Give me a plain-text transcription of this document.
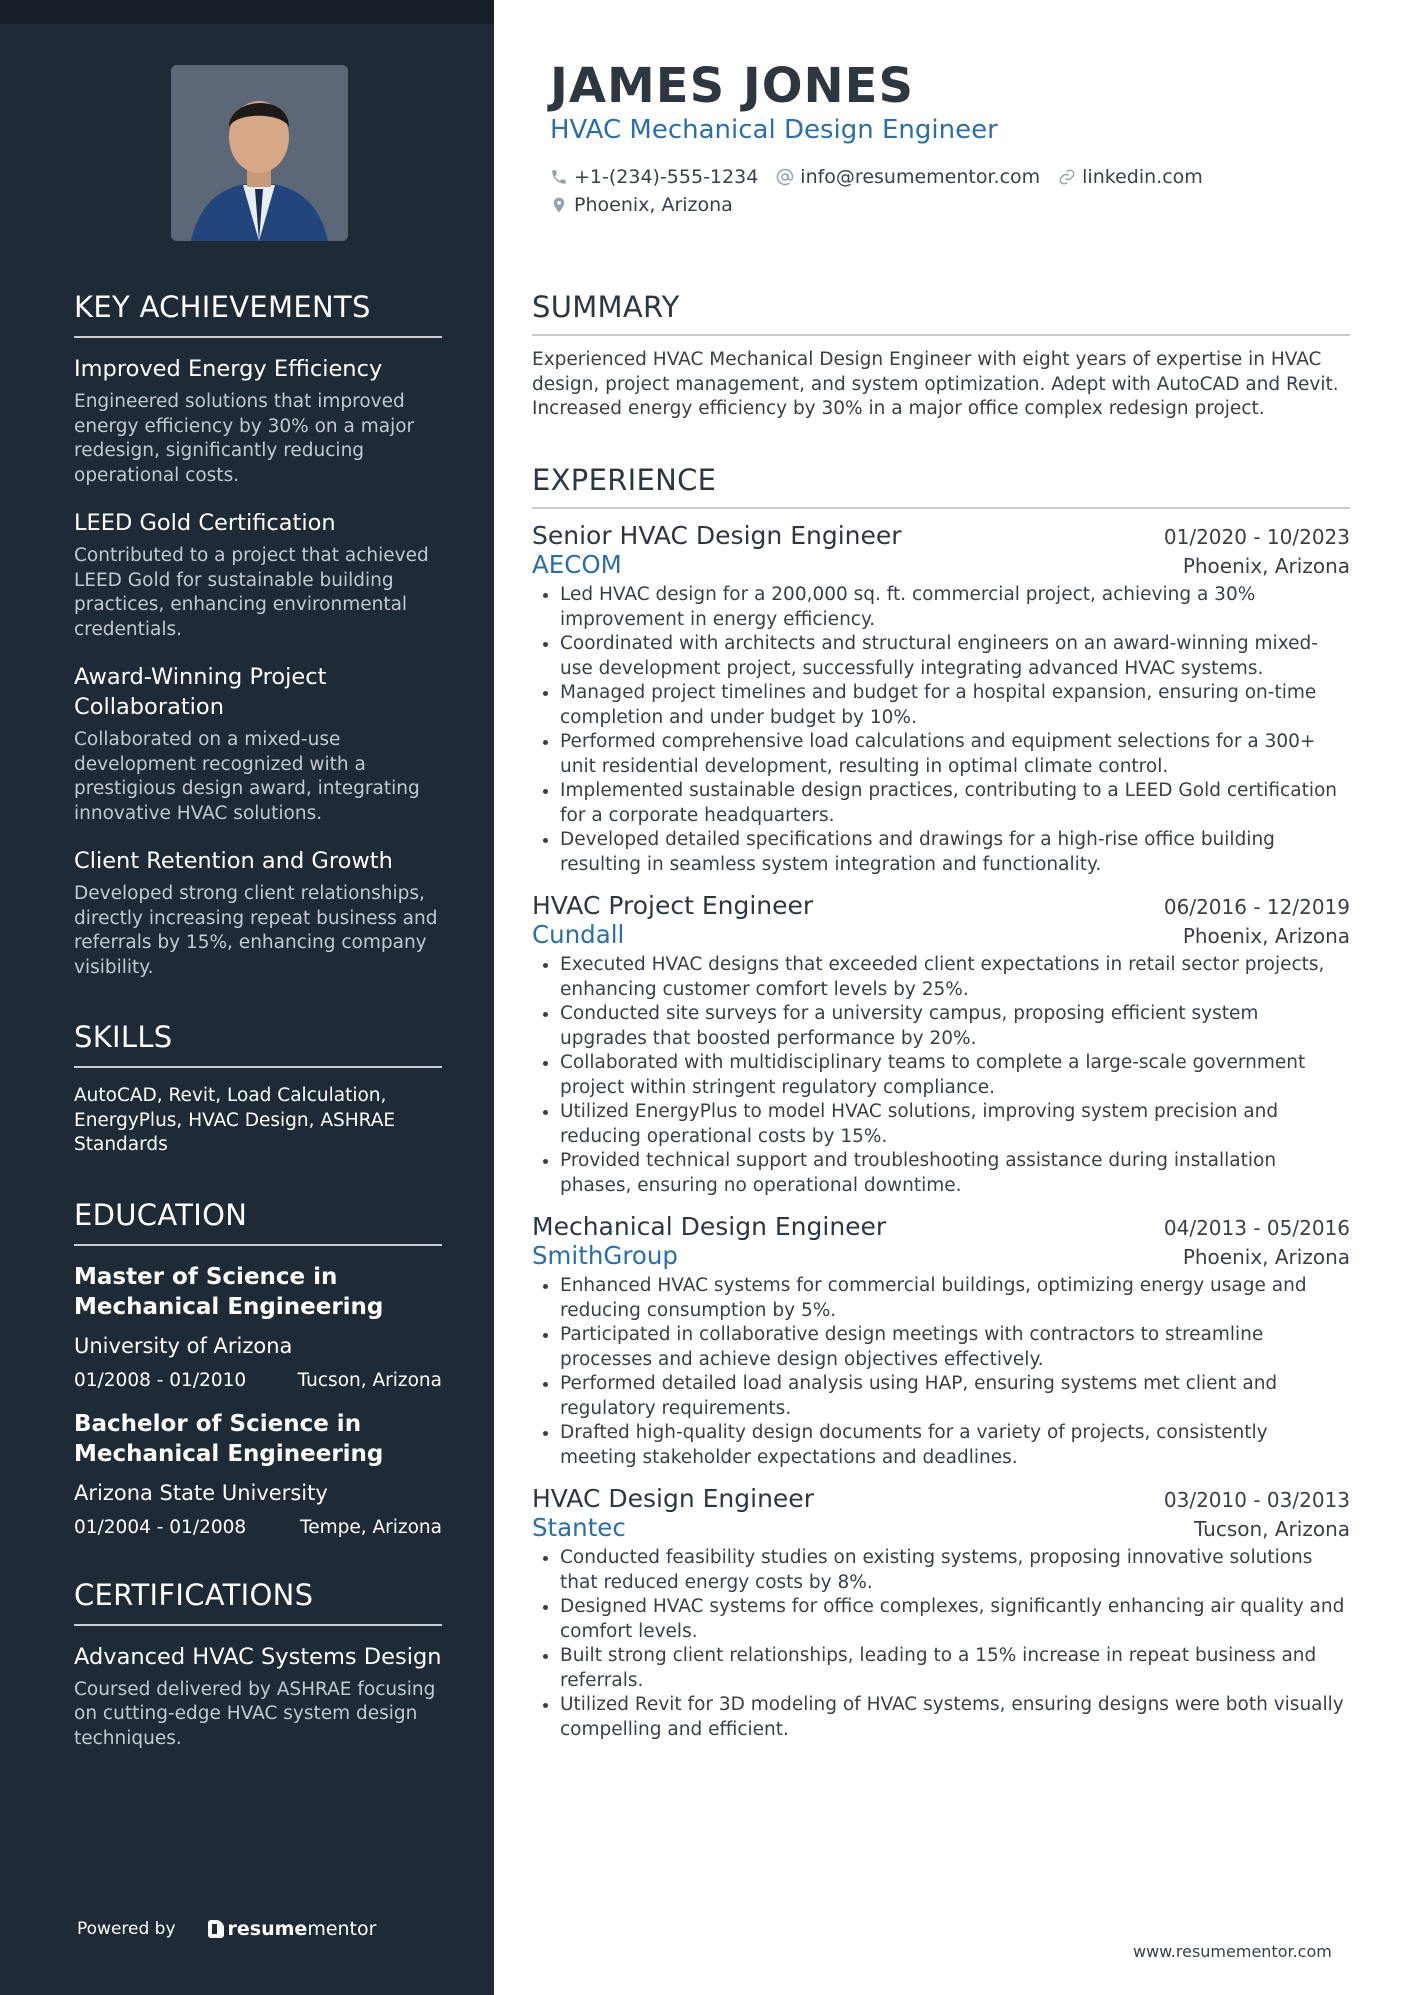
KEY ACHIEVEMENTS
Improved Energy Efficiency
Engineered solutions that improved energy efficiency by 30% on a major redesign, significantly reducing operational costs.
LEED Gold Certification
Contributed to a project that achieved LEED Gold for sustainable building practices, enhancing environmental credentials.
Award-Winning Project Collaboration
Collaborated on a mixed-use development recognized with a prestigious design award, integrating innovative HVAC solutions.
Client Retention and Growth
Developed strong client relationships, directly increasing repeat business and referrals by 15%, enhancing company visibility.
SKILLS
AutoCAD, Revit, Load Calculation, EnergyPlus, HVAC Design, ASHRAE Standards
EDUCATION
Master of Science in Mechanical Engineering
University of Arizona
01/2008 - 01/2010	Tucson, Arizona
Bachelor of Science in Mechanical Engineering
Arizona State University
01/2004 - 01/2008	Tempe, Arizona
CERTIFICATIONS
Advanced HVAC Systems Design
Coursed delivered by ASHRAE focusing on cutting-edge HVAC system design techniques.
Powered by	resume mentor
JAMES JONES
HVAC Mechanical Design Engineer
+1-(234)-555-1234 info@resumementor.com linkedin.com
Phoenix, Arizona
SUMMARY
Experienced HVAC Mechanical Design Engineer with eight years of expertise in HVAC design, project management, and system optimization. Adept with AutoCAD and Revit. Increased energy efficiency by 30% in a major office complex redesign project.
EXPERIENCE
Senior HVAC Design Engineer	01/2020 - 10/2023
AECOM	Phoenix, Arizona
• Led HVAC design for a 200,000 sq. ft. commercial project, achieving a 30% improvement in energy efficiency.
• Coordinated with architects and structural engineers on an award-winning mixed-use development project, successfully integrating advanced HVAC systems.
• Managed project timelines and budget for a hospital expansion, ensuring on-time completion and under budget by 10%.
• Performed comprehensive load calculations and equipment selections for a 300+ unit residential development, resulting in optimal climate control.
• Implemented sustainable design practices, contributing to a LEED Gold certification for a corporate headquarters.
• Developed detailed specifications and drawings for a high-rise office building resulting in seamless system integration and functionality.
HVAC Project Engineer	06/2016 - 12/2019
Cundall	Phoenix, Arizona
• Executed HVAC designs that exceeded client expectations in retail sector projects, enhancing customer comfort levels by 25%.
• Conducted site surveys for a university campus, proposing efficient system upgrades that boosted performance by 20%.
• Collaborated with multidisciplinary teams to complete a large-scale government project within stringent regulatory compliance.
• Utilized EnergyPlus to model HVAC solutions, improving system precision and reducing operational costs by 15%.
• Provided technical support and troubleshooting assistance during installation phases, ensuring no operational downtime.
Mechanical Design Engineer	04/2013 - 05/2016
SmithGroup	Phoenix, Arizona
• Enhanced HVAC systems for commercial buildings, optimizing energy usage and reducing consumption by 5%.
• Participated in collaborative design meetings with contractors to streamline processes and achieve design objectives effectively.
• Performed detailed load analysis using HAP, ensuring systems met client and regulatory requirements.
• Drafted high-quality design documents for a variety of projects, consistently meeting stakeholder expectations and deadlines.
HVAC Design Engineer	03/2010 - 03/2013
Stantec	Tucson, Arizona
• Conducted feasibility studies on existing systems, proposing innovative solutions that reduced energy costs by 8%.
• Designed HVAC systems for office complexes, significantly enhancing air quality and comfort levels.
• Built strong client relationships, leading to a 15% increase in repeat business and referrals.
• Utilized Revit for 3D modeling of HVAC systems, ensuring designs were both visually compelling and efficient.
www.resumementor.com
